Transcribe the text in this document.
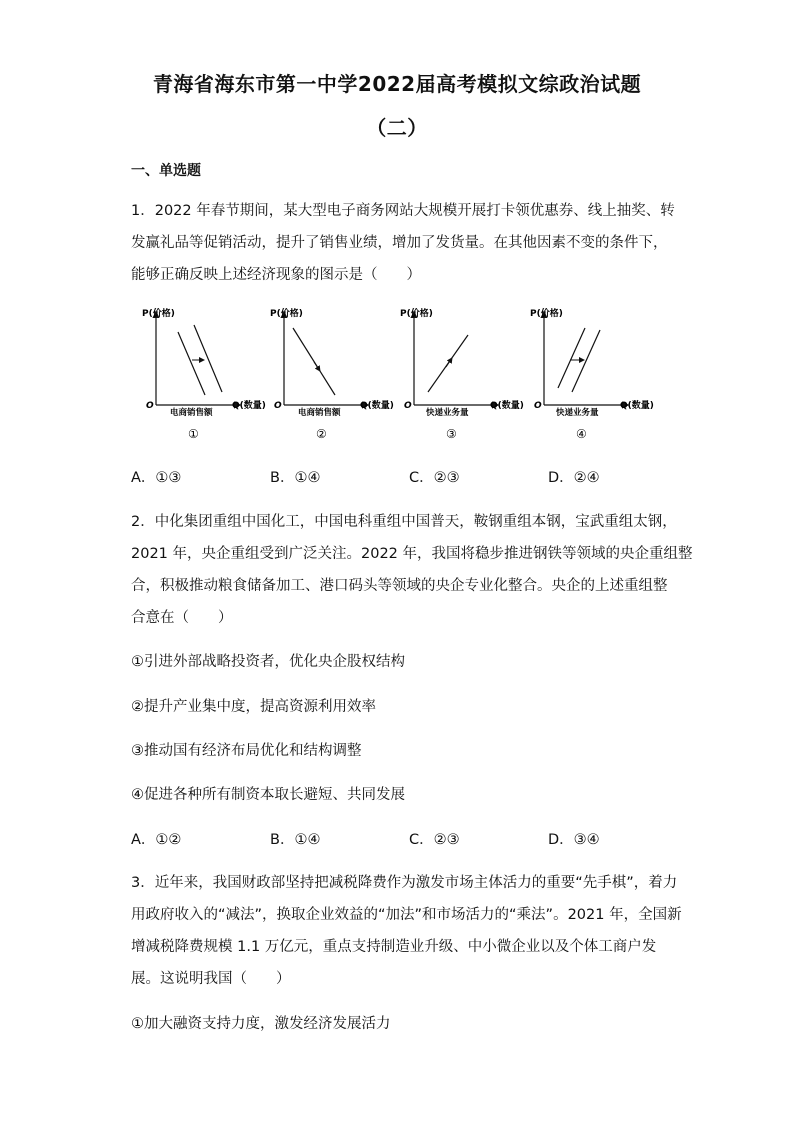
青海省海东市第一中学2022届高考模拟文综政治试题
（二）
一、单选题
1．2022 年春节期间，某大型电子商务网站大规模开展打卡领优惠券、线上抽奖、转
发赢礼品等促销活动，提升了销售业绩，增加了发货量。在其他因素不变的条件下，
能够正确反映上述经济现象的图示是（　　）
P(价格)
O	Q(数量)
电商销售额
①
P(价格)
O	Q(数量)
电商销售额
②
P(价格)
O	Q(数量)
快递业务量
③
P(价格)
O	Q(数量)
快递业务量
④
A．①③	B．①④	C．②③	D．②④
2．中化集团重组中国化工，中国电科重组中国普天，鞍钢重组本钢，宝武重组太钢，
2021 年，央企重组受到广泛关注。2022 年，我国将稳步推进钢铁等领域的央企重组整
合，积极推动粮食储备加工、港口码头等领域的央企专业化整合。央企的上述重组整
合意在（　　）
①引进外部战略投资者，优化央企股权结构
②提升产业集中度，提高资源利用效率
③推动国有经济布局优化和结构调整
④促进各种所有制资本取长避短、共同发展
A．①②	B．①④	C．②③	D．③④
3．近年来，我国财政部坚持把减税降费作为激发市场主体活力的重要“先手棋”，着力
用政府收入的“减法”，换取企业效益的“加法”和市场活力的“乘法”。2021 年，全国新
增减税降费规模 1.1 万亿元，重点支持制造业升级、中小微企业以及个体工商户发
展。这说明我国（　　）
①加大融资支持力度，激发经济发展活力
